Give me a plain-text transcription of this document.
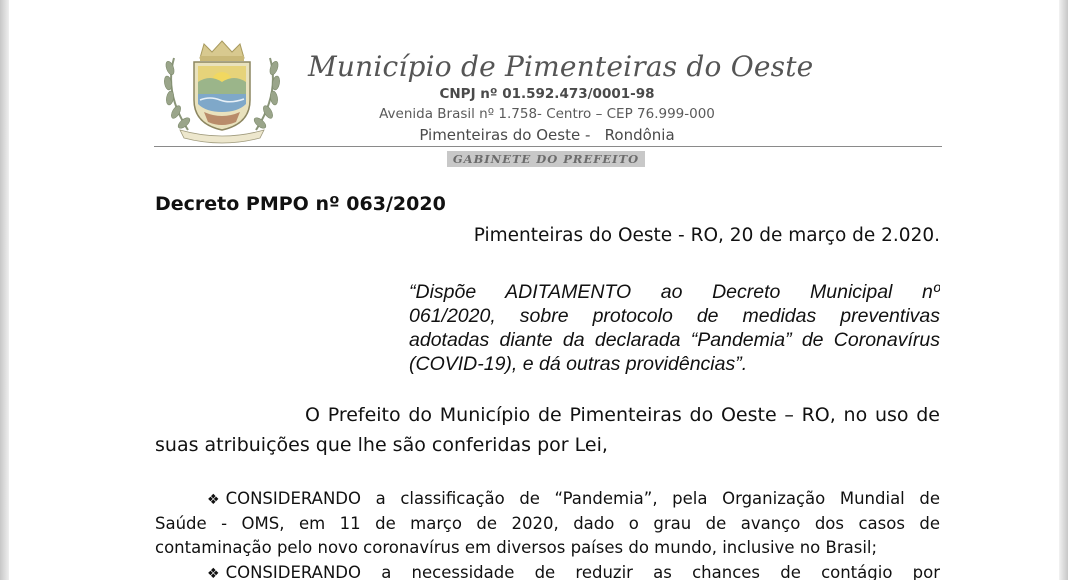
Município de Pimenteiras do Oeste
CNPJ nº 01.592.473/0001-98
Avenida Brasil nº 1.758- Centro – CEP 76.999-000
Pimenteiras do Oeste -   Rondônia
GABINETE DO PREFEITO
Decreto PMPO nº 063/2020
Pimenteiras do Oeste - RO, 20 de março de 2.020.
“Dispõe ADITAMENTO ao Decreto Municipal nº
061/2020, sobre protocolo de medidas preventivas
adotadas diante da declarada “Pandemia” de Coronavírus
(COVID-19), e dá outras providências”.
O Prefeito do Município de Pimenteiras do Oeste – RO, no uso de
suas atribuições que lhe são conferidas por Lei,
❖ CONSIDERANDO a classificação de “Pandemia”, pela Organização Mundial de
Saúde - OMS, em 11 de março de 2020, dado o grau de avanço dos casos de
contaminação pelo novo coronavírus em diversos países do mundo, inclusive no Brasil;
❖ CONSIDERANDO a necessidade de reduzir as chances de contágio por
